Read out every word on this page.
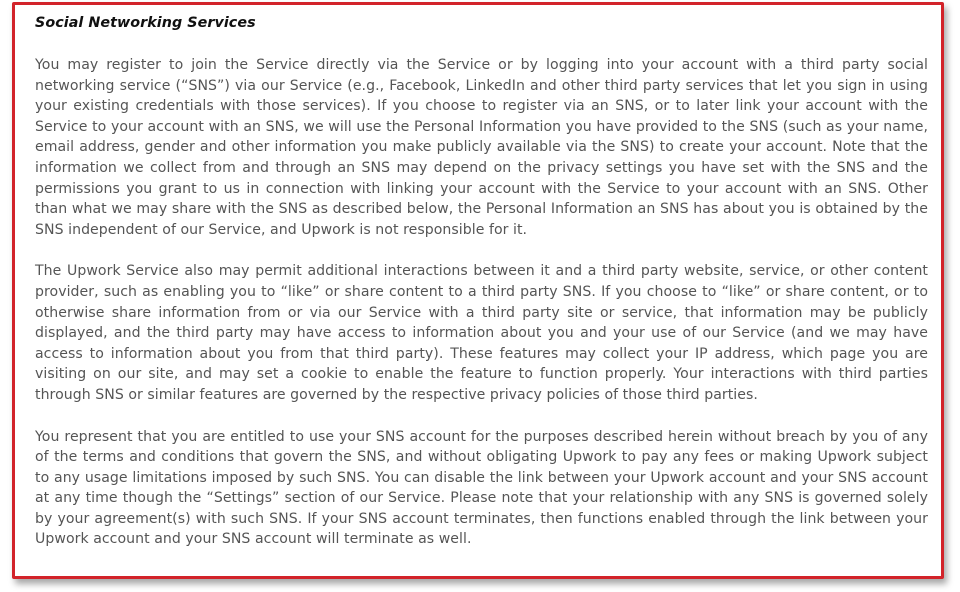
Social Networking Services

You may register to join the Service directly via the Service or by logging into your account with a third party social networking service (“SNS”) via our Service (e.g., Facebook, LinkedIn and other third party services that let you sign in using your existing credentials with those services). If you choose to register via an SNS, or to later link your account with the Service to your account with an SNS, we will use the Personal Information you have provided to the SNS (such as your name, email address, gender and other information you make publicly available via the SNS) to create your account. Note that the information we collect from and through an SNS may depend on the privacy settings you have set with the SNS and the permissions you grant to us in connection with linking your account with the Service to your account with an SNS. Other than what we may share with the SNS as described below, the Personal Information an SNS has about you is obtained by the SNS independent of our Service, and Upwork is not responsible for it.

The Upwork Service also may permit additional interactions between it and a third party website, service, or other content provider, such as enabling you to “like” or share content to a third party SNS. If you choose to “like” or share content, or to otherwise share information from or via our Service with a third party site or service, that information may be publicly displayed, and the third party may have access to information about you and your use of our Service (and we may have access to information about you from that third party). These features may collect your IP address, which page you are visiting on our site, and may set a cookie to enable the feature to function properly. Your interactions with third parties through SNS or similar features are governed by the respective privacy policies of those third parties.

You represent that you are entitled to use your SNS account for the purposes described herein without breach by you of any of the terms and conditions that govern the SNS, and without obligating Upwork to pay any fees or making Upwork subject to any usage limitations imposed by such SNS. You can disable the link between your Upwork account and your SNS account at any time though the “Settings” section of our Service. Please note that your relationship with any SNS is governed solely by your agreement(s) with such SNS. If your SNS account terminates, then functions enabled through the link between your Upwork account and your SNS account will terminate as well.
